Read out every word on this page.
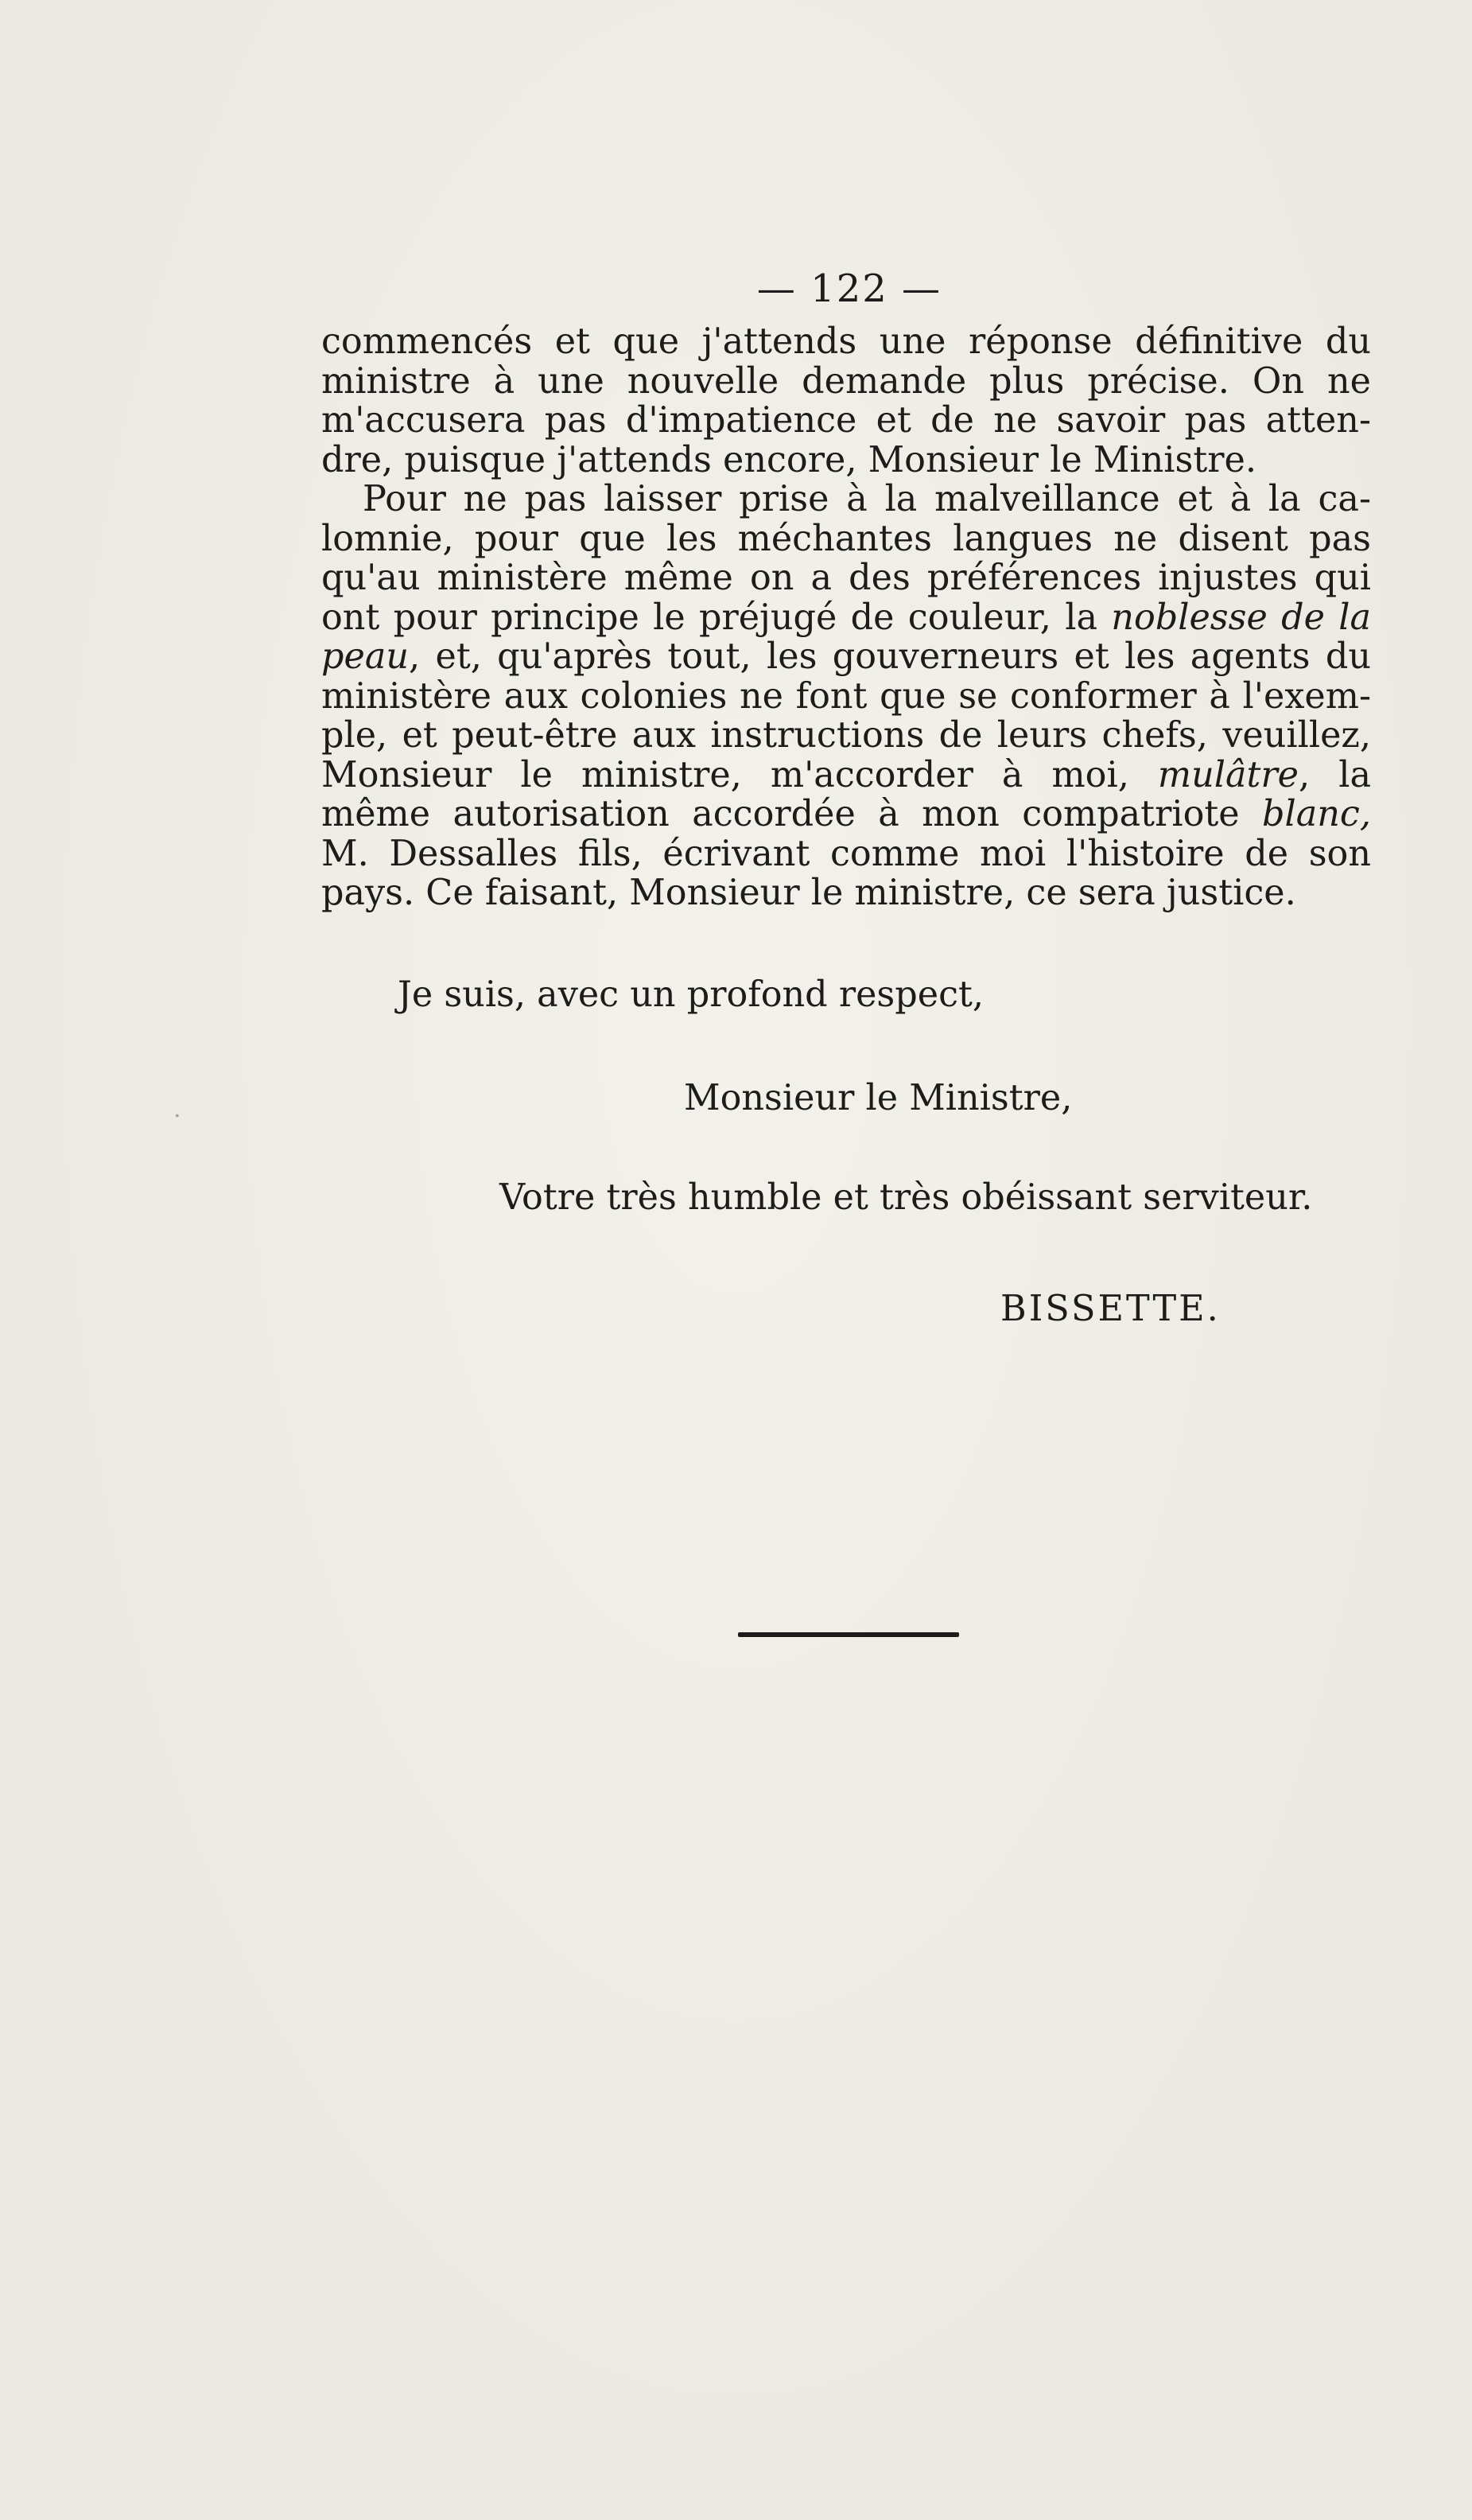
— 122 —
commencés et que j'attends une réponse définitive du
ministre à une nouvelle demande plus précise. On ne
m'accusera pas d'impatience et de ne savoir pas atten-
dre, puisque j'attends encore, Monsieur le Ministre.
Pour ne pas laisser prise à la malveillance et à la ca-
lomnie, pour que les méchantes langues ne disent pas
qu'au ministère même on a des préférences injustes qui
ont pour principe le préjugé de couleur, la noblesse de la
peau, et, qu'après tout, les gouverneurs et les agents du
ministère aux colonies ne font que se conformer à l'exem-
ple, et peut-être aux instructions de leurs chefs, veuillez,
Monsieur le ministre, m'accorder à moi, mulâtre, la
même autorisation accordée à mon compatriote blanc,
M. Dessalles fils, écrivant comme moi l'histoire de son
pays. Ce faisant, Monsieur le ministre, ce sera justice.
Je suis, avec un profond respect,
Monsieur le Ministre,
Votre très humble et très obéissant serviteur.
BISSETTE.
·
